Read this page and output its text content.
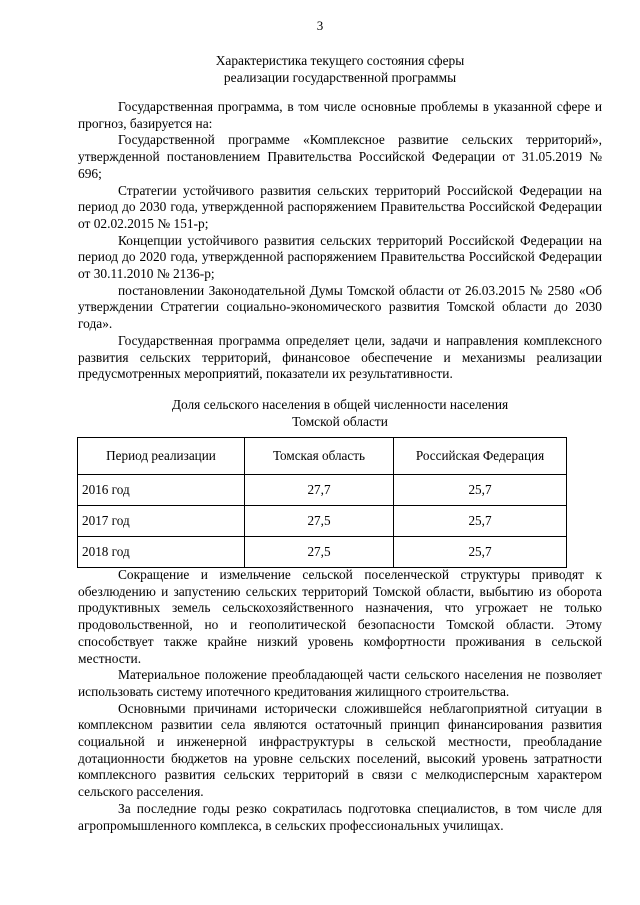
3
Характеристика текущего состояния сферы
реализации государственной программы

Государственная программа, в том числе основные проблемы в указанной сфере и прогноз, базируется на:

Государственной программе «Комплексное развитие сельских территорий», утвержденной постановлением Правительства Российской Федерации от 31.05.2019 № 696;

Стратегии устойчивого развития сельских территорий Российской Федерации на период до 2030 года, утвержденной распоряжением Правительства Российской Федерации от 02.02.2015 № 151-р;

Концепции устойчивого развития сельских территорий Российской Федерации на период до 2020 года, утвержденной распоряжением Правительства Российской Федерации от 30.11.2010 № 2136-р;

постановлении Законодательной Думы Томской области от 26.03.2015 № 2580 «Об утверждении Стратегии социально-экономического развития Томской области до 2030 года».

Государственная программа определяет цели, задачи и направления комплексного развития сельских территорий, финансовое обеспечение и механизмы реализации предусмотренных мероприятий, показатели их результативности.

Доля сельского населения в общей численности населения
Томской области
Период реализации	Томская область	Российская Федерация
2016 год	27,7	25,7
2017 год	27,5	25,7
2018 год	27,5	25,7

Сокращение и измельчение сельской поселенческой структуры приводят к обезлюдению и запустению сельских территорий Томской области, выбытию из оборота продуктивных земель сельскохозяйственного назначения, что угрожает не только продовольственной, но и геополитической безопасности Томской области. Этому способствует также крайне низкий уровень комфортности проживания в сельской местности.

Материальное положение преобладающей части сельского населения не позволяет использовать систему ипотечного кредитования жилищного строительства.

Основными причинами исторически сложившейся неблагоприятной ситуации в комплексном развитии села являются остаточный принцип финансирования развития социальной и инженерной инфраструктуры в сельской местности, преобладание дотационности бюджетов на уровне сельских поселений, высокий уровень затратности комплексного развития сельских территорий в связи с мелкодисперсным характером сельского расселения.

За последние годы резко сократилась подготовка специалистов, в том числе для агропромышленного комплекса, в сельских профессиональных училищах.
